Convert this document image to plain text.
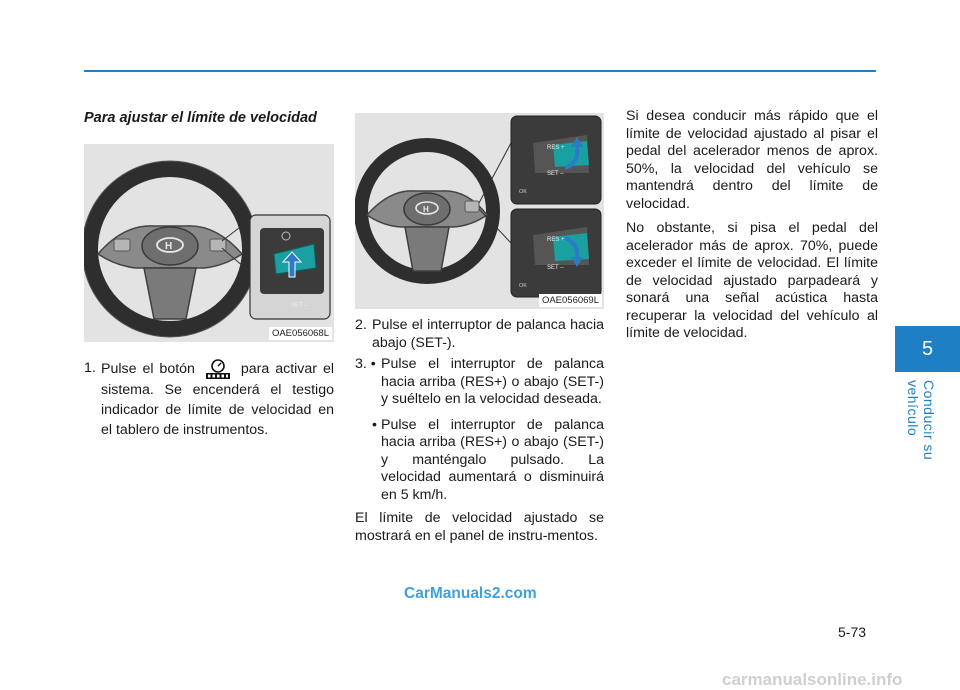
5
Conducir su vehículo
Para ajustar el límite de velocidad
H
SET –
OAE056068L
1. Pulse el botón	para activar el sistema. Se encenderá el testigo indicador de límite de velocidad en el tablero de instrumentos.
H
RES +
SET –
OK
RES +
SET –
OK
OAE056069L
2. Pulse el interruptor de palanca hacia abajo (SET-).
3. • Pulse el interruptor de palanca hacia arriba (RES+) o abajo (SET-) y suéltelo en la velocidad deseada.
• Pulse el interruptor de palanca hacia arriba (RES+) o abajo (SET-) y manténgalo pulsado. La velocidad aumentará o disminuirá en 5 km/h.

El límite de velocidad ajustado se mostrará en el panel de instru-mentos.

Si desea conducir más rápido que el límite de velocidad ajustado al pisar el pedal del acelerador menos de aprox. 50%, la velocidad del vehículo se mantendrá dentro del límite de velocidad.

No obstante, si pisa el pedal del acelerador más de aprox. 70%, puede exceder el límite de velocidad. El límite de velocidad ajustado parpadeará y sonará una señal acústica hasta recuperar la velocidad del vehículo al límite de velocidad.

CarManuals2.com
5-73
carmanualsonline.info
